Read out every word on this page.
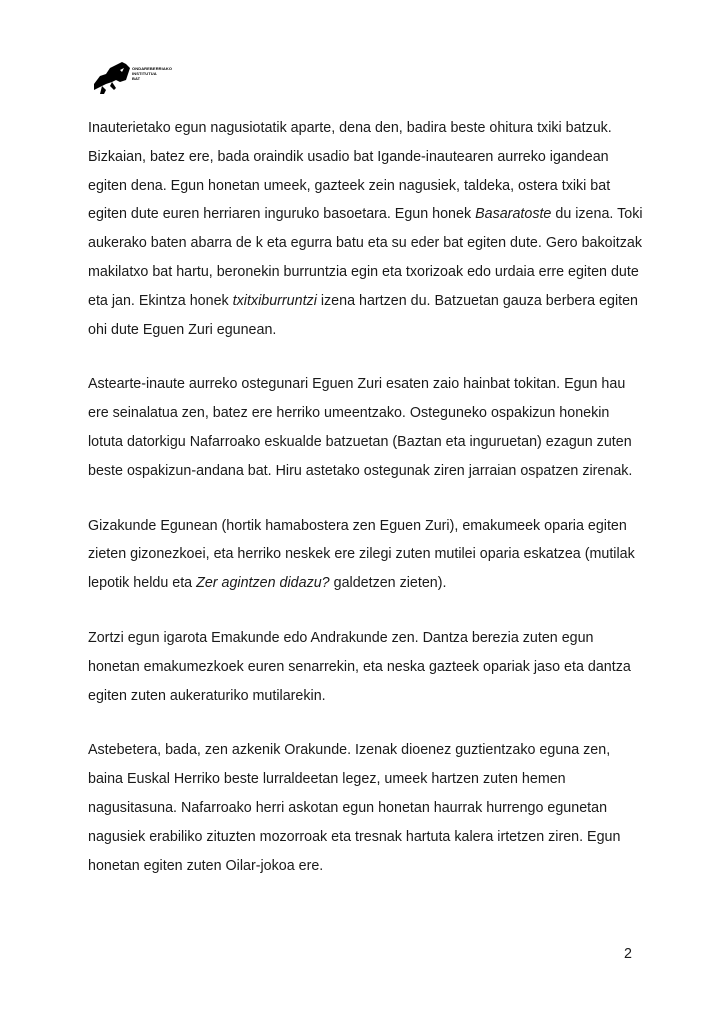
ONDAREBERRIAKO
INSTITUTUA
BAT

Inauterietako egun nagusiotatik aparte, dena den, badira beste ohitura txiki batzuk. Bizkaian, batez ere, bada oraindik usadio bat Igande-inautearen aurreko igandean egiten dena. Egun honetan umeek, gazteek zein nagusiek, taldeka, ostera txiki bat egiten dute euren herriaren inguruko basoetara. Egun honek Basaratoste du izena. Toki aukerako baten abarra de k eta egurra batu eta su eder bat egiten dute. Gero bakoitzak makilatxo bat hartu, beronekin burruntzia egin eta txorizoak edo urdaia erre egiten dute eta jan. Ekintza honek txitxiburruntzi izena hartzen du. Batzuetan gauza berbera egiten ohi dute Eguen Zuri egunean.

Astearte-inaute aurreko ostegunari Eguen Zuri esaten zaio hainbat tokitan. Egun hau ere seinalatua zen, batez ere herriko umeentzako. Osteguneko ospakizun honekin lotuta datorkigu Nafarroako eskualde batzuetan (Baztan eta inguruetan) ezagun zuten beste ospakizun-andana bat. Hiru astetako ostegunak ziren jarraian ospatzen zirenak.

Gizakunde Egunean (hortik hamabostera zen Eguen Zuri), emakumeek oparia egiten zieten gizonezkoei, eta herriko neskek ere zilegi zuten mutilei oparia eskatzea (mutilak lepotik heldu eta Zer agintzen didazu? galdetzen zieten).

Zortzi egun igarota Emakunde edo Andrakunde zen. Dantza berezia zuten egun honetan emakumezkoek euren senarrekin, eta neska gazteek opariak jaso eta dantza egiten zuten aukeraturiko mutilarekin.

Astebetera, bada, zen azkenik Orakunde. Izenak dioenez guztientzako eguna zen, baina Euskal Herriko beste lurraldeetan legez, umeek hartzen zuten hemen nagusitasuna. Nafarroako herri askotan egun honetan haurrak hurrengo egunetan nagusiek erabiliko zituzten mozorroak eta tresnak hartuta kalera irtetzen ziren. Egun honetan egiten zuten Oilar-jokoa ere.

2
